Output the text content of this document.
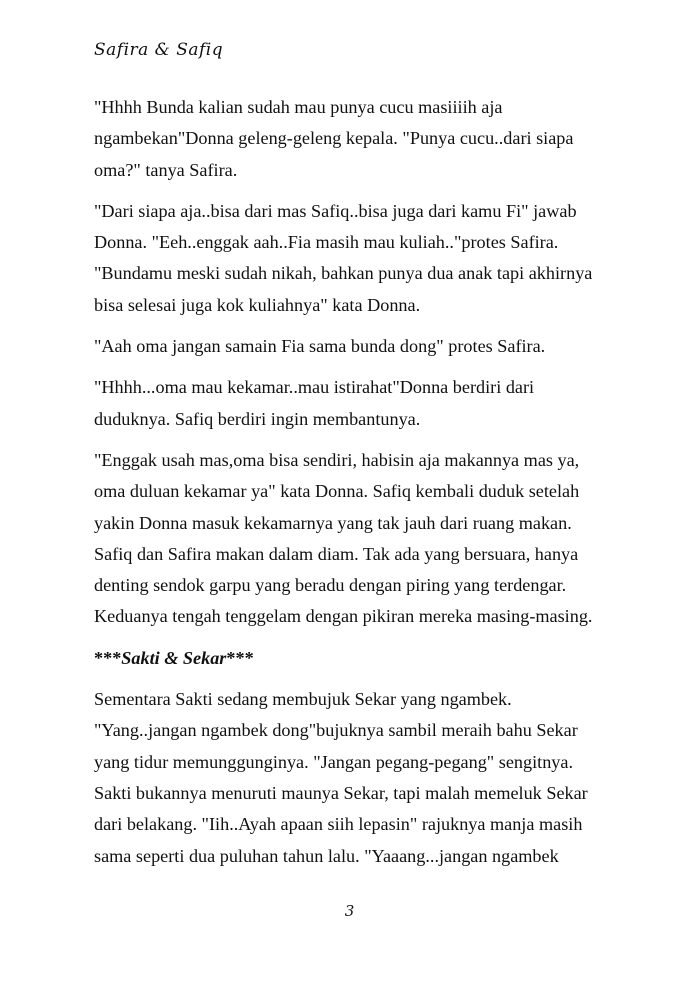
Safira & Safiq

"Hhhh Bunda kalian sudah mau punya cucu masiiiih aja
ngambekan"Donna geleng-geleng kepala. "Punya cucu..dari siapa
oma?" tanya Safira.

"Dari siapa aja..bisa dari mas Safiq..bisa juga dari kamu Fi" jawab
Donna. "Eeh..enggak aah..Fia masih mau kuliah.."protes Safira.
"Bundamu meski sudah nikah, bahkan punya dua anak tapi akhirnya
bisa selesai juga kok kuliahnya" kata Donna.

"Aah oma jangan samain Fia sama bunda dong" protes Safira.

"Hhhh...oma mau kekamar..mau istirahat"Donna berdiri dari
duduknya. Safiq berdiri ingin membantunya.

"Enggak usah mas,oma bisa sendiri, habisin aja makannya mas ya,
oma duluan kekamar ya" kata Donna. Safiq kembali duduk setelah
yakin Donna masuk kekamarnya yang tak jauh dari ruang makan.
Safiq dan Safira makan dalam diam. Tak ada yang bersuara, hanya
denting sendok garpu yang beradu dengan piring yang terdengar.
Keduanya tengah tenggelam dengan pikiran mereka masing-masing.

***Sakti & Sekar***

Sementara Sakti sedang membujuk Sekar yang ngambek.
"Yang..jangan ngambek dong"bujuknya sambil meraih bahu Sekar
yang tidur memunggunginya. "Jangan pegang-pegang" sengitnya.
Sakti bukannya menuruti maunya Sekar, tapi malah memeluk Sekar
dari belakang. "Iih..Ayah apaan siih lepasin" rajuknya manja masih
sama seperti dua puluhan tahun lalu. "Yaaang...jangan ngambek

3
